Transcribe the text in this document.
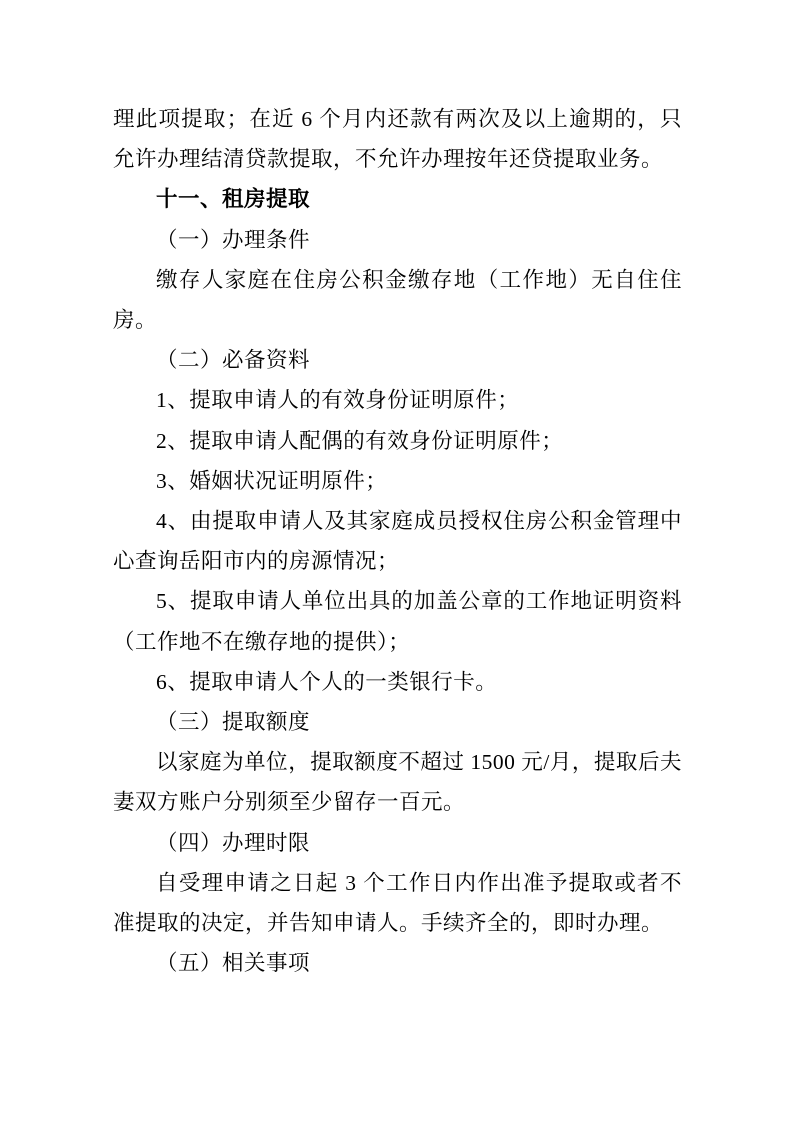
理此项提取；在近 6 个月内还款有两次及以上逾期的，只允许办理结清贷款提取，不允许办理按年还贷提取业务。

十一、租房提取

（一）办理条件

缴存人家庭在住房公积金缴存地（工作地）无自住住房。

（二）必备资料

1、提取申请人的有效身份证明原件；

2、提取申请人配偶的有效身份证明原件；

3、婚姻状况证明原件；

4、由提取申请人及其家庭成员授权住房公积金管理中心查询岳阳市内的房源情况；

5、提取申请人单位出具的加盖公章的工作地证明资料（工作地不在缴存地的提供）；

6、提取申请人个人的一类银行卡。

（三）提取额度

以家庭为单位，提取额度不超过 1500 元/月，提取后夫妻双方账户分别须至少留存一百元。

（四）办理时限

自受理申请之日起 3 个工作日内作出准予提取或者不准提取的决定，并告知申请人。手续齐全的，即时办理。

（五）相关事项
